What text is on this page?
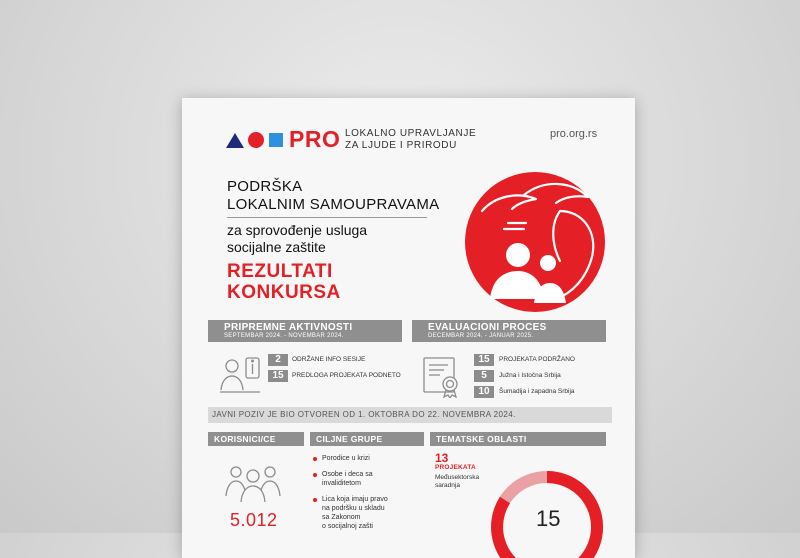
PRO LOKALNO UPRAVLJANJE
ZA LJUDE I PRIRODU
pro.org.rs
PODRŠKA
LOKALNIM SAMOUPRAVAMA
za sprovođenje usluga
socijalne zaštite
REZULTATI
KONKURSA
PRIPREMNE AKTIVNOSTI
SEPTEMBAR 2024. - NOVEMBAR 2024.
2	ODRŽANE INFO SESIJE
15	PREDLOGA PROJEKATA PODNETO
EVALUACIONI PROCES
DECEMBAR 2024. - JANUAR 2025.
15	PROJEKATA PODRŽANO
5	Južna i Istočna Srbija
10	Šumadija i zapadna Srbija
JAVNI POZIV JE BIO OTVOREN OD 1. OKTOBRA DO 22. NOVEMBRA 2024.
KORISNICI/CE
5.012
CILJNE GRUPE
Porodice u krizi
Osobe i deca sa
invaliditetom
Lica koja imaju pravo
na podršku u skladu
sa Zakonom
o socijalnoj zašti
TEMATSKE OBLASTI
13
PROJEKATA
Međusektorska
saradnja
15
